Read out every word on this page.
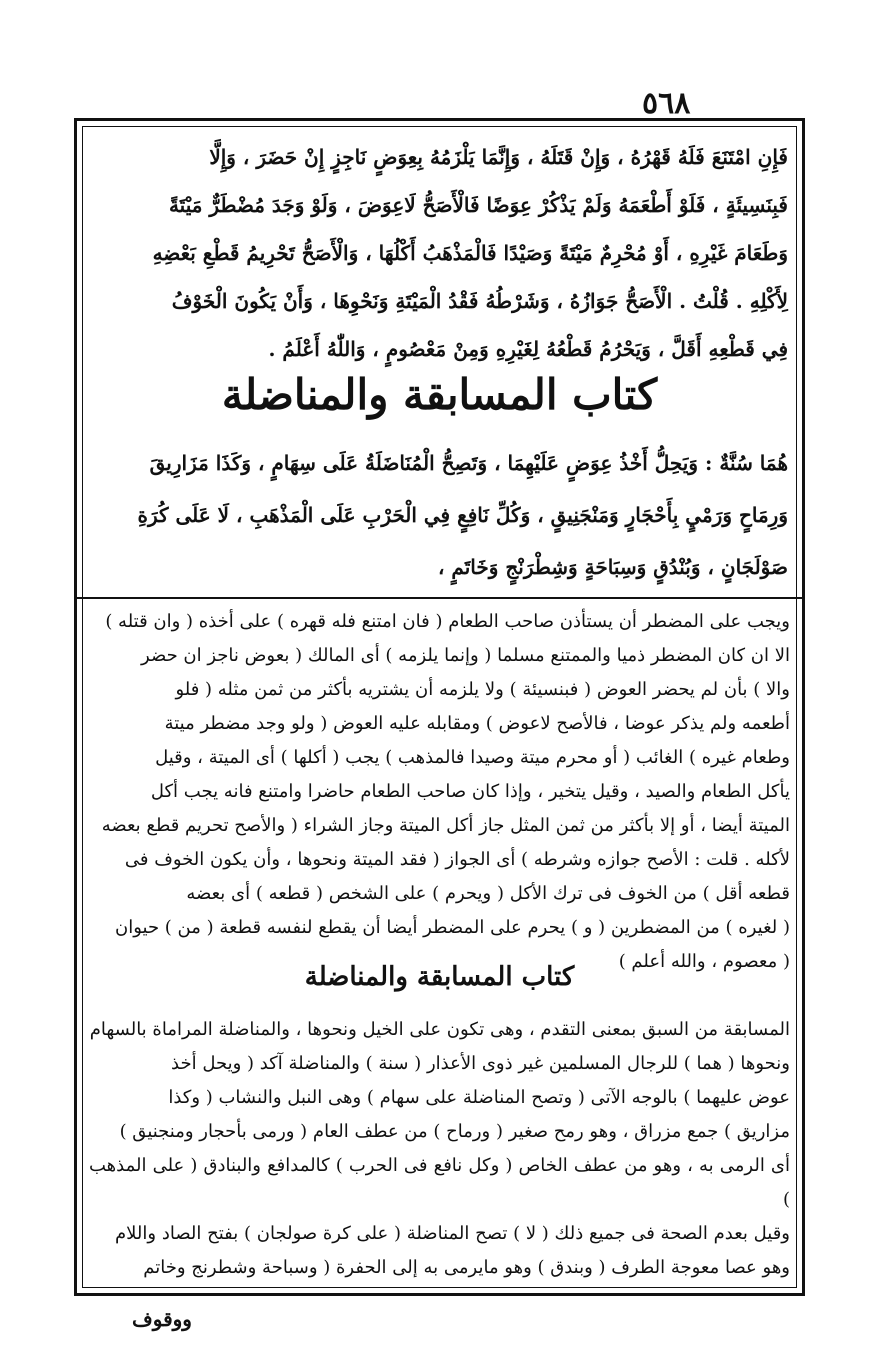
٥٦٨

فَإِنِ امْتَنَعَ فَلَهُ قَهْرُهُ ، وَإِنْ قَتَلَهُ ، وَإِنَّمَا يَلْزَمُهُ بِعِوَضٍ نَاجِزٍ إِنْ حَضَرَ ، وَإِلَّا

فَبِنَسِيئَةٍ ، فَلَوْ أَطْعَمَهُ وَلَمْ يَذْكُرْ عِوَضًا فَالْأَصَحُّ لَاعِوَضَ ، وَلَوْ وَجَدَ مُضْطَرٌّ مَيْتَةً

وَطَعَامَ غَيْرِهِ ، أَوْ مُحْرِمٌ مَيْتَةً وَصَيْدًا فَالْمَذْهَبُ أَكْلُهَا ، وَالْأَصَحُّ تَحْرِيمُ قَطْعِ بَعْضِهِ

لِأَكْلِهِ . قُلْتُ . الْأَصَحُّ جَوَازُهُ ، وَشَرْطُهُ فَقْدُ الْمَيْتَةِ وَنَحْوِهَا ، وَأَنْ يَكُونَ الْخَوْفُ

فِي قَطْعِهِ أَقَلَّ ، وَيَحْرُمُ قَطْعُهُ لِغَيْرِهِ وَمِنْ مَعْصُومٍ ، وَاللّٰهُ أَعْلَمُ .

كتاب المسابقة والمناضلة

هُمَا سُنَّةٌ : وَيَحِلُّ أَخْذُ عِوَضٍ عَلَيْهِمَا ، وَتَصِحُّ الْمُنَاضَلَةُ عَلَى سِهَامٍ ، وَكَذَا مَزَارِيقَ

وَرِمَاحٍ وَرَمْيٍ بِأَحْجَارٍ وَمَنْجَنِيقٍ ، وَكُلِّ نَافِعٍ فِي الْحَرْبِ عَلَى الْمَذْهَبِ ، لَا عَلَى كُرَةِ

صَوْلَجَانٍ ، وَبُنْدُقٍ وَسِبَاحَةٍ وَشِطْرَنْجٍ وَخَاتَمٍ ،

ويجب على المضطر أن يستأذن صاحب الطعام ( فان امتنع فله قهره ) على أخذه ( وان قتله )

الا ان كان المضطر ذميا والممتنع مسلما ( وإنما يلزمه ) أى المالك ( بعوض ناجز ان حضر

والا ) بأن لم يحضر العوض ( فبنسيئة ) ولا يلزمه أن يشتريه بأكثر من ثمن مثله ( فلو

أطعمه ولم يذكر عوضا ، فالأصح لاعوض ) ومقابله عليه العوض ( ولو وجد مضطر ميتة

وطعام غيره ) الغائب ( أو محرم ميتة وصيدا فالمذهب ) يجب ( أكلها ) أى الميتة ، وقيل

يأكل الطعام والصيد ، وقيل يتخير ، وإذا كان صاحب الطعام حاضرا وامتنع فانه يجب أكل

الميتة أيضا ، أو إلا بأكثر من ثمن المثل جاز أكل الميتة وجاز الشراء ( والأصح تحريم قطع بعضه

لأكله . قلت : الأصح جوازه وشرطه ) أى الجواز ( فقد الميتة ونحوها ، وأن يكون الخوف فى

قطعه أقل ) من الخوف فى ترك الأكل ( ويحرم ) على الشخص ( قطعه ) أى بعضه

( لغيره ) من المضطرين ( و ) يحرم على المضطر أيضا أن يقطع لنفسه قطعة ( من ) حيوان

( معصوم ، والله أعلم )

كتاب المسابقة والمناضلة

المسابقة من السبق بمعنى التقدم ، وهى تكون على الخيل ونحوها ، والمناضلة المراماة بالسهام

ونحوها ( هما ) للرجال المسلمين غير ذوى الأعذار ( سنة ) والمناضلة آكد ( ويحل أخذ

عوض عليهما ) بالوجه الآتى ( وتصح المناضلة على سهام ) وهى النبل والنشاب ( وكذا

مزاريق ) جمع مزراق ، وهو رمح صغير ( ورماح ) من عطف العام ( ورمى بأحجار ومنجنيق )

أى الرمى به ، وهو من عطف الخاص ( وكل نافع فى الحرب ) كالمدافع والبنادق ( على المذهب )

وقيل بعدم الصحة فى جميع ذلك ( لا ) تصح المناضلة ( على كرة صولجان ) بفتح الصاد واللام

وهو عصا معوجة الطرف ( وبندق ) وهو مايرمى به إلى الحفرة ( وسباحة وشطرنج وخاتم

ووقوف
